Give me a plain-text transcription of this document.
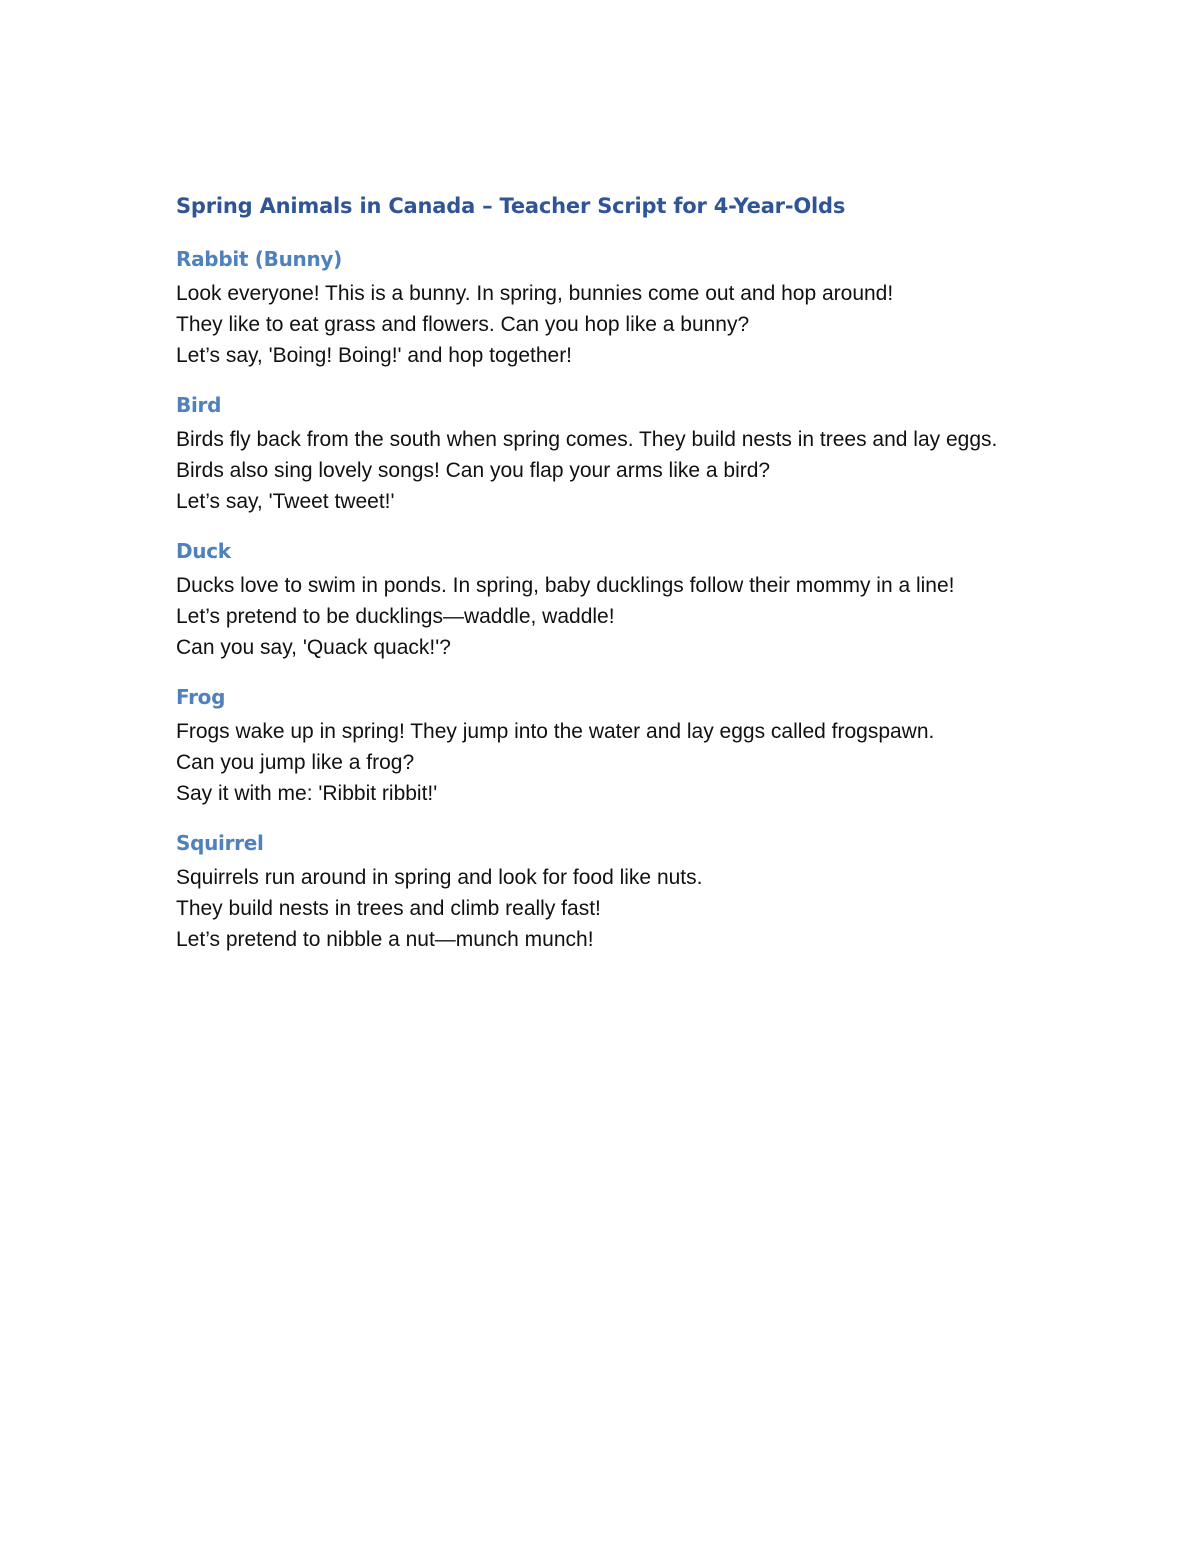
Spring Animals in Canada – Teacher Script for 4-Year-Olds
Rabbit (Bunny)

Look everyone! This is a bunny. In spring, bunnies come out and hop around!

They like to eat grass and flowers. Can you hop like a bunny?

Let’s say, 'Boing! Boing!' and hop together!

Bird

Birds fly back from the south when spring comes. They build nests in trees and lay eggs.

Birds also sing lovely songs! Can you flap your arms like a bird?

Let’s say, 'Tweet tweet!'

Duck

Ducks love to swim in ponds. In spring, baby ducklings follow their mommy in a line!

Let’s pretend to be ducklings—waddle, waddle!

Can you say, 'Quack quack!'?

Frog

Frogs wake up in spring! They jump into the water and lay eggs called frogspawn.

Can you jump like a frog?

Say it with me: 'Ribbit ribbit!'

Squirrel

Squirrels run around in spring and look for food like nuts.

They build nests in trees and climb really fast!

Let’s pretend to nibble a nut—munch munch!
